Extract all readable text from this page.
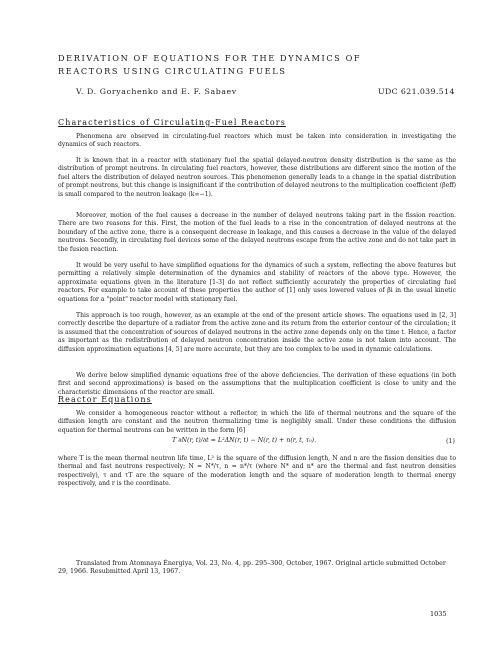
DERIVATION OF EQUATIONS FOR THE DYNAMICS OF
REACTORS USING CIRCULATING FUELS
V. D. Goryachenko and E. F. Sabaev	UDC 621.039.514
Characteristics of Circulating-Fuel Reactors
Phenomena are observed in circulating-fuel reactors which must be taken into consideration in investigating the dynamics of such reactors.
It is known that in a reactor with stationary fuel the spatial delayed-neutron density distribution is the same as the distribution of prompt neutrons. In circulating fuel reactors, however, these distributions are different since the motion of the fuel alters the distribution of delayed neutron sources. This phenomenon generally leads to a change in the spatial distribution of prompt neutrons, but this change is insignificant if the contribution of delayed neutrons to the multiplication coefficient (βeff) is small compared to the neutron leakage (k∞−1).
Moreover, motion of the fuel causes a decrease in the number of delayed neutrons taking part in the fission reaction. There are two reasons for this. First, the motion of the fuel leads to a rise in the concentration of delayed neutrons at the boundary of the active zone, there is a consequent decrease in leakage, and this causes a decrease in the value of the delayed neutrons. Secondly, in circulating fuel devices some of the delayed neutrons escape from the active zone and do not take part in the fusion reaction.
It would be very useful to have simplified equations for the dynamics of such a system, reflecting the above features but permitting a relatively simple determination of the dynamics and stability of reactors of the above type. However, the approximate equations given in the literature [1-3] do not reflect sufficiently accurately the properties of circulating fuel reactors. For example to take account of these properties the author of [1] only uses lowered values of βi in the usual kinetic equations for a "point" reactor model with stationary fuel.
This approach is too rough, however, as an example at the end of the present article shows. The equations used in [2, 3] correctly describe the departure of a radiator from the active zone and its return from the exterior contour of the circulation; it is assumed that the concentration of sources of delayed neutrons in the active zone depends only on the time t. Hence, a factor as important as the redistribution of delayed neutron concentration inside the active zone is not taken into account. The diffusion approximation equations [4, 5] are more accurate, but they are too complex to be used in dynamic calculations.
We derive below simplified dynamic equations free of the above deficiencies. The derivation of these equations (in both first and second approximations) is based on the assumptions that the multiplication coefficient is close to unity and the characteristic dimensions of the reactor are small.
Reactor Equations
We consider a homogeneous reactor without a reflector, in which the life of thermal neutrons and the square of the diffusion length are constant and the neutron thermalizing time is negligibly small. Under these conditions the diffusion equation for thermal neutrons can be written in the form [6]
T ∂N(r, t)/∂t = L²ΔN(r, t) − N(r, t) + n(r, t, τ₀).	(1)
where T is the mean thermal neutron life time, L² is the square of the diffusion length, N and n are the fission densities due to thermal and fast neutrons respectively; N = N*/τ, n = n*/τ (where N* and n* are the thermal and fast neutron densities respectively), τ and τT are the square of the moderation length and the square of moderation length to thermal energy respectively, and r is the coordinate.
Translated from Atomnaya Énergiya, Vol. 23, No. 4, pp. 295–300, October, 1967. Original article submitted October 29, 1966. Resubmitted April 13, 1967.
1035
